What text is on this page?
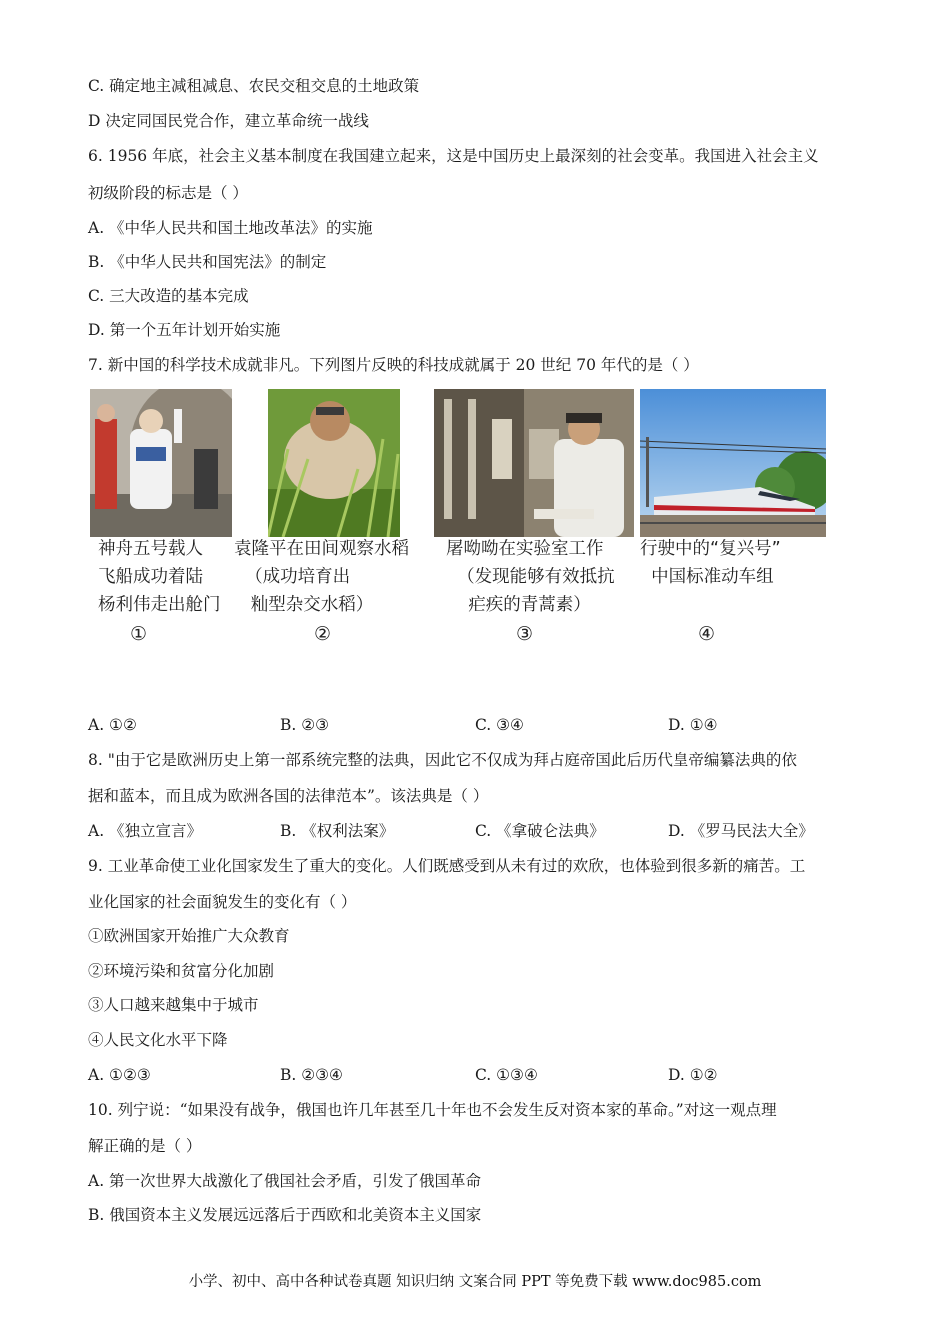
C. 确定地主减租减息、农民交租交息的土地政策
D 决定同国民党合作，建立革命统一战线
6. 1956 年底，社会主义基本制度在我国建立起来，这是中国历史上最深刻的社会变革。我国进入社会主义
初级阶段的标志是（ ）
A. 《中华人民共和国土地改革法》的实施
B. 《中华人民共和国宪法》的制定
C. 三大改造的基本完成
D. 第一个五年计划开始实施
7. 新中国的科学技术成就非凡。下列图片反映的科技成就属于 20 世纪 70 年代的是（ ）
神舟五号载人
飞船成功着陆
杨利伟走出舱门
①
袁隆平在田间观察水稻
（成功培育出
籼型杂交水稻）
②
屠呦呦在实验室工作
（发现能够有效抵抗
疟疾的青蒿素）
③
行驶中的“复兴号”
中国标准动车组
④
A. ①②	B. ②③	C. ③④	D. ①④
8. "由于它是欧洲历史上第一部系统完整的法典，因此它不仅成为拜占庭帝国此后历代皇帝编纂法典的依
据和蓝本，而且成为欧洲各国的法律范本”。该法典是（ ）
A. 《独立宣言》	B. 《权利法案》	C. 《拿破仑法典》	D. 《罗马民法大全》
9. 工业革命使工业化国家发生了重大的变化。人们既感受到从未有过的欢欣，也体验到很多新的痛苦。工
业化国家的社会面貌发生的变化有（ ）
①欧洲国家开始推广大众教育
②环境污染和贫富分化加剧
③人口越来越集中于城市
④人民文化水平下降
A. ①②③	B. ②③④	C. ①③④	D. ①②
10. 列宁说：“如果没有战争，俄国也许几年甚至几十年也不会发生反对资本家的革命。”对这一观点理
解正确的是（ ）
A. 第一次世界大战激化了俄国社会矛盾，引发了俄国革命
B. 俄国资本主义发展远远落后于西欧和北美资本主义国家
小学、初中、高中各种试卷真题 知识归纳 文案合同 PPT 等免费下载 www.doc985.com
